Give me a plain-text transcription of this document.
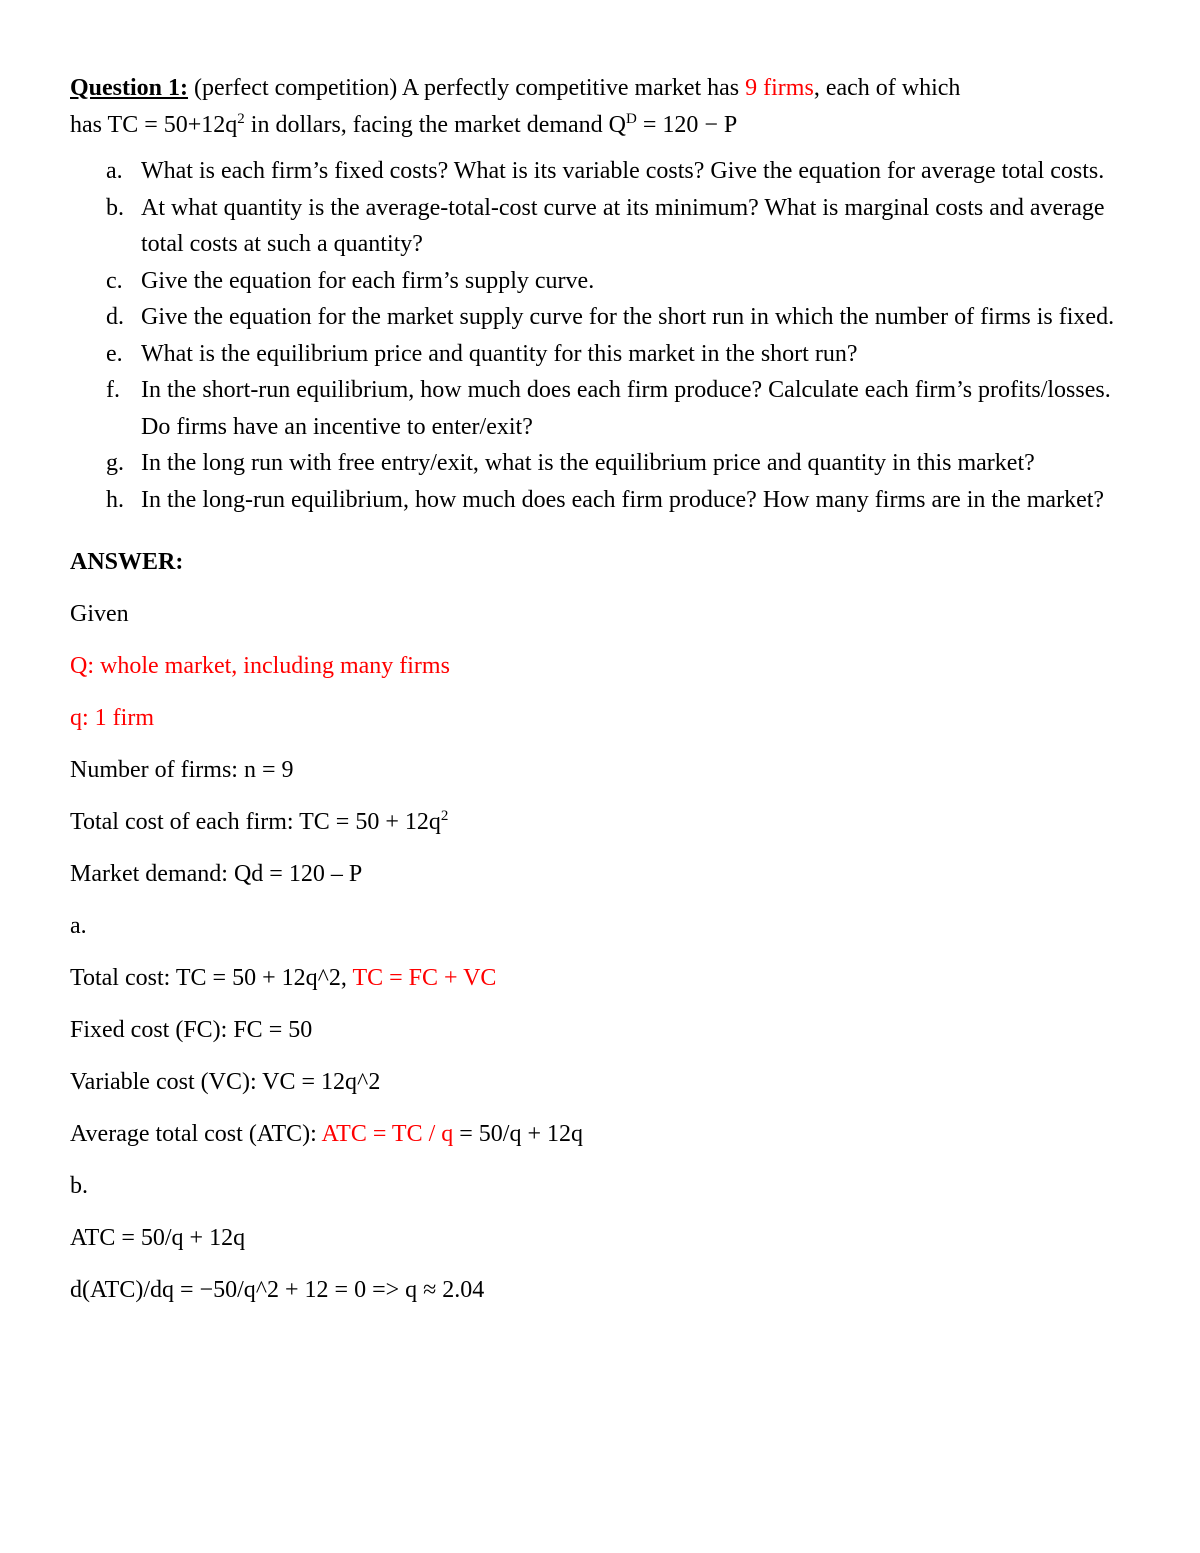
Question 1: (perfect competition) A perfectly competitive market has 9 firms, each of which
has TC = $50+12q^2$ in dollars, facing the market demand $Q^D = 120 - P$

a. What is each firm’s fixed costs? What is its variable costs? Give the equation for average total costs.
b. At what quantity is the average-total-cost curve at its minimum? What is marginal costs and average total costs at such a quantity?
c. Give the equation for each firm’s supply curve.
d. Give the equation for the market supply curve for the short run in which the number of firms is fixed.
e. What is the equilibrium price and quantity for this market in the short run?
f. In the short-run equilibrium, how much does each firm produce? Calculate each firm’s profits/losses. Do firms have an incentive to enter/exit?
g. In the long run with free entry/exit, what is the equilibrium price and quantity in this market?
h. In the long-run equilibrium, how much does each firm produce? How many firms are in the market?

ANSWER:

Given

Q: whole market, including many firms

q: 1 firm

Number of firms: n = 9

Total cost of each firm: TC = $50 + 12q^2$

Market demand: Qd = 120 – P

a.

Total cost: TC = 50 + 12q^2, TC = FC + VC

Fixed cost (FC): FC = 50

Variable cost (VC): VC = 12q^2

Average total cost (ATC): ATC = TC / q = 50/q + 12q

b.

ATC = 50/q + 12q

d(ATC)/dq = −50/q^2 + 12 = 0 => q ≈ 2.04
